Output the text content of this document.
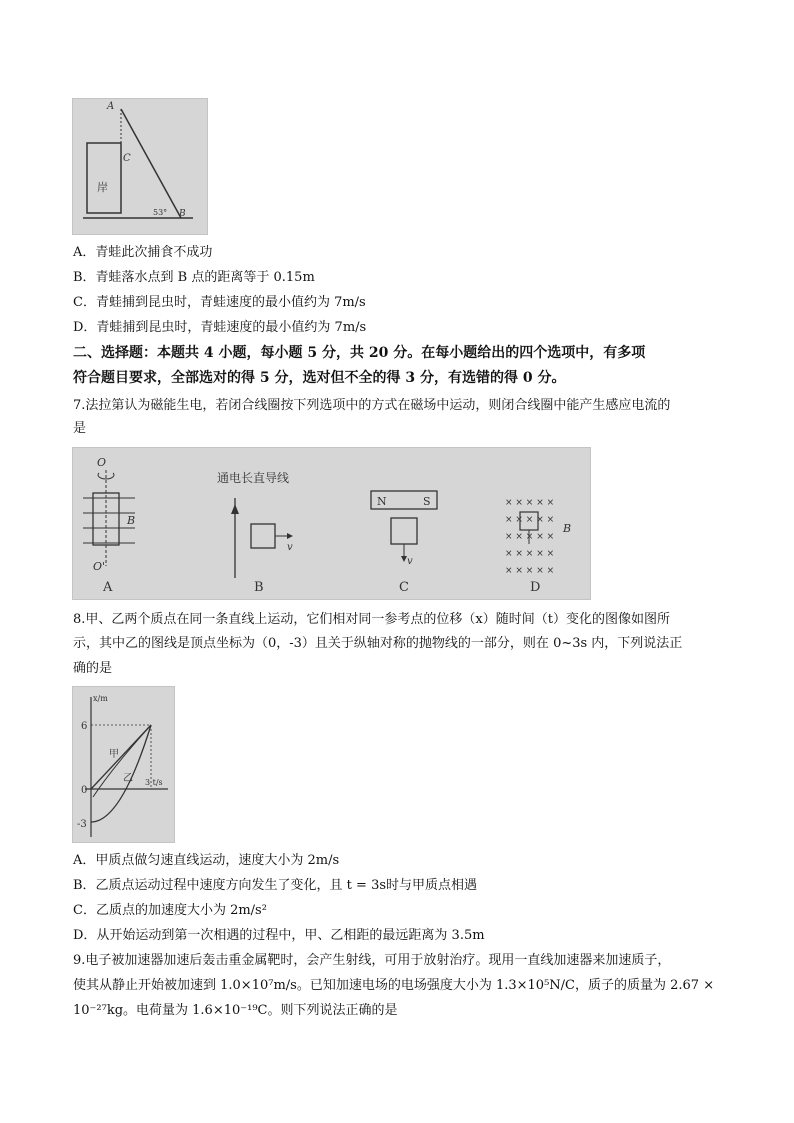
岸
A
C
B
53°
A．青蛙此次捕食不成功
B．青蛙落水点到 B 点的距离等于 0.15m
C．青蛙捕到昆虫时，青蛙速度的最小值约为 7m/s
D．青蛙捕到昆虫时，青蛙速度的最小值约为 7m/s
二、选择题：本题共 4 小题，每小题 5 分，共 20 分。在每小题给出的四个选项中，有多项
符合题目要求，全部选对的得 5 分，选对但不全的得 3 分，有选错的得 0 分。
7.法拉第认为磁能生电，若闭合线圈按下列选项中的方式在磁场中运动，则闭合线圈中能产生感应电流的
是
O
O'
B
A
通电长直导线
v
B
N	S
v
C
× × × × ×
× × × × ×
× × × × ×
× × × × ×
× × × × ×
B
D
8.甲、乙两个质点在同一条直线上运动，它们相对同一参考点的位移（x）随时间（t）变化的图像如图所
示，其中乙的图线是顶点坐标为（0，-3）且关于纵轴对称的抛物线的一部分，则在 0~3s 内，下列说法正
确的是
x/m
6
0
-3
3 t/s
甲
乙
A．甲质点做匀速直线运动，速度大小为 2m/s
B．乙质点运动过程中速度方向发生了变化，且 t = 3s时与甲质点相遇
C．乙质点的加速度大小为 2m/s²
D．从开始运动到第一次相遇的过程中，甲、乙相距的最远距离为 3.5m
9.电子被加速器加速后轰击重金属靶时，会产生射线，可用于放射治疗。现用一直线加速器来加速质子，
使其从静止开始被加速到 1.0×10⁷m/s。已知加速电场的电场强度大小为 1.3×10⁵N/C，质子的质量为 2.67 ×
10⁻²⁷kg。电荷量为 1.6×10⁻¹⁹C。则下列说法正确的是
